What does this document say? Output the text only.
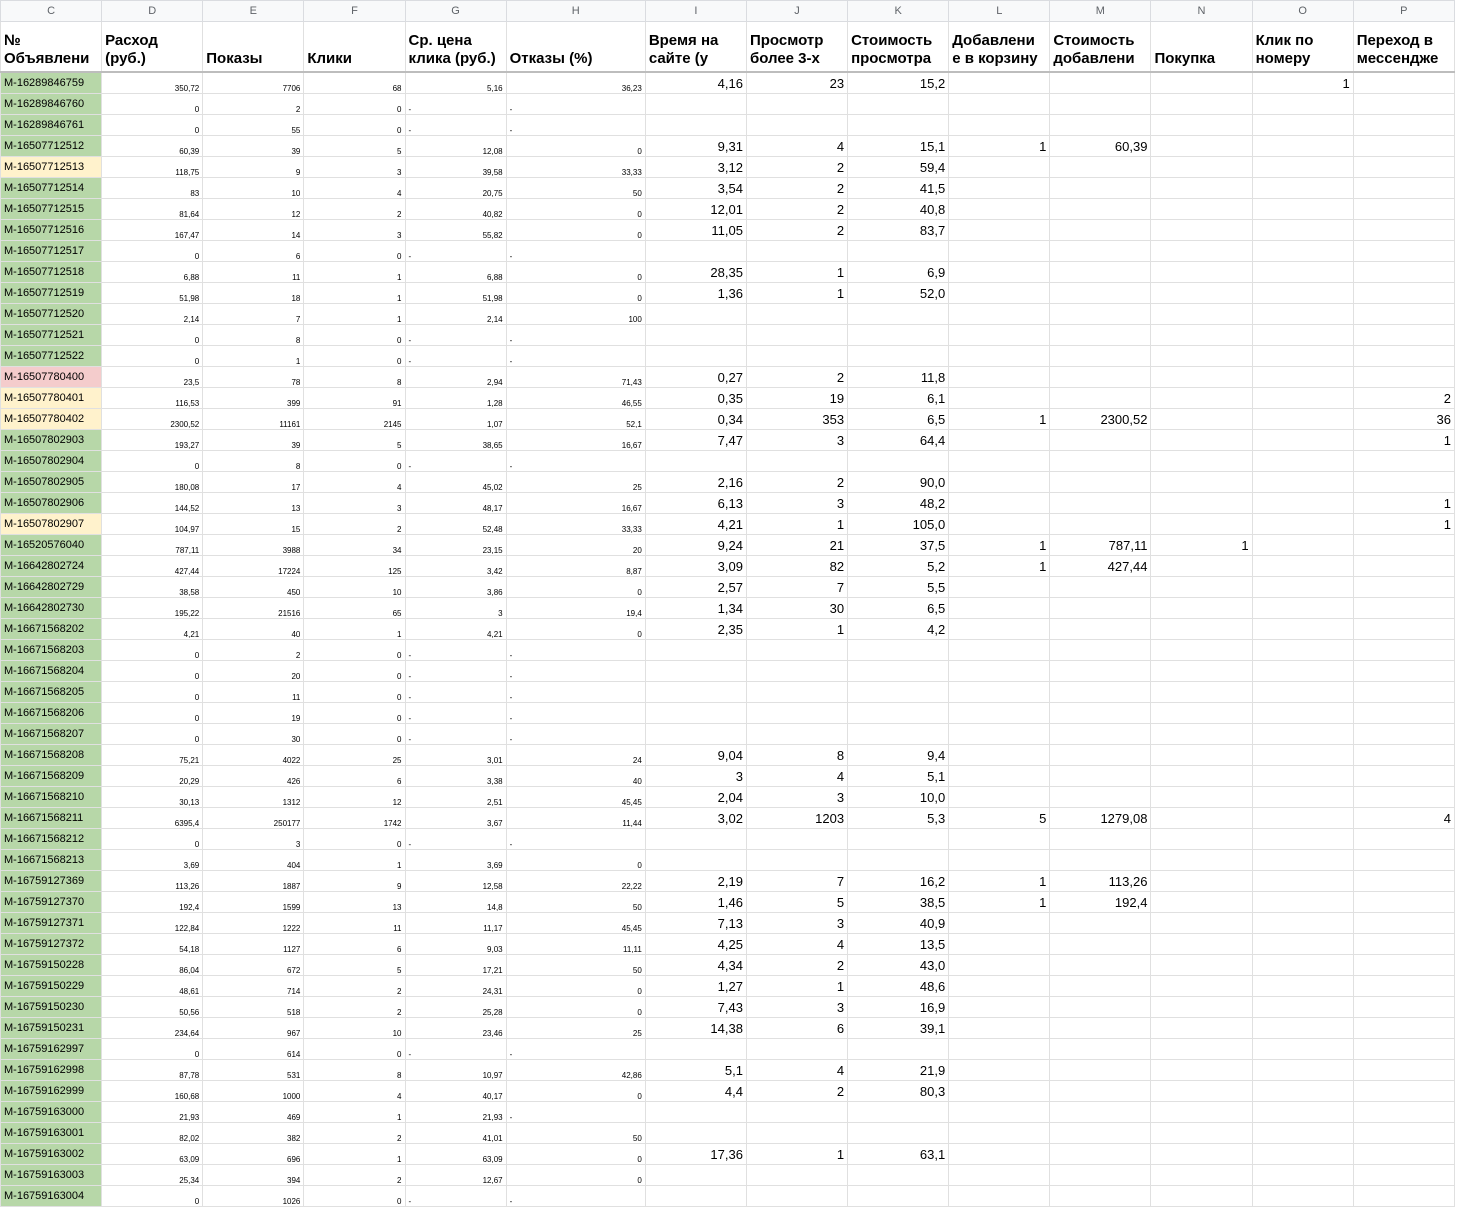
C	D	E	F	G	H	I	J	K	L	M	N	O	P
№ Объявлени	Расход (руб.)	Показы	Клики	Ср. цена клика (руб.)	Отказы (%)	Время на сайте (у	Просмотр более 3-х	Стоимость просмотра	Добавлени е в корзину	Стоимость добавлени	Покупка	Клик по номеру	Переход в мессендже
M-16289846759	350,72	7706	68	5,16	36,23	4,16	23	15,2				1	
M-16289846760	0	2	0	-	-								
M-16289846761	0	55	0	-	-								
M-16507712512	60,39	39	5	12,08	0	9,31	4	15,1	1	60,39			
M-16507712513	118,75	9	3	39,58	33,33	3,12	2	59,4					
M-16507712514	83	10	4	20,75	50	3,54	2	41,5					
M-16507712515	81,64	12	2	40,82	0	12,01	2	40,8					
M-16507712516	167,47	14	3	55,82	0	11,05	2	83,7					
M-16507712517	0	6	0	-	-								
M-16507712518	6,88	11	1	6,88	0	28,35	1	6,9					
M-16507712519	51,98	18	1	51,98	0	1,36	1	52,0					
M-16507712520	2,14	7	1	2,14	100								
M-16507712521	0	8	0	-	-								
M-16507712522	0	1	0	-	-								
M-16507780400	23,5	78	8	2,94	71,43	0,27	2	11,8					
M-16507780401	116,53	399	91	1,28	46,55	0,35	19	6,1					2
M-16507780402	2300,52	11161	2145	1,07	52,1	0,34	353	6,5	1	2300,52			36
M-16507802903	193,27	39	5	38,65	16,67	7,47	3	64,4					1
M-16507802904	0	8	0	-	-								
M-16507802905	180,08	17	4	45,02	25	2,16	2	90,0					
M-16507802906	144,52	13	3	48,17	16,67	6,13	3	48,2					1
M-16507802907	104,97	15	2	52,48	33,33	4,21	1	105,0					1
M-16520576040	787,11	3988	34	23,15	20	9,24	21	37,5	1	787,11	1		
M-16642802724	427,44	17224	125	3,42	8,87	3,09	82	5,2	1	427,44			
M-16642802729	38,58	450	10	3,86	0	2,57	7	5,5					
M-16642802730	195,22	21516	65	3	19,4	1,34	30	6,5					
M-16671568202	4,21	40	1	4,21	0	2,35	1	4,2					
M-16671568203	0	2	0	-	-								
M-16671568204	0	20	0	-	-								
M-16671568205	0	11	0	-	-								
M-16671568206	0	19	0	-	-								
M-16671568207	0	30	0	-	-								
M-16671568208	75,21	4022	25	3,01	24	9,04	8	9,4					
M-16671568209	20,29	426	6	3,38	40	3	4	5,1					
M-16671568210	30,13	1312	12	2,51	45,45	2,04	3	10,0					
M-16671568211	6395,4	250177	1742	3,67	11,44	3,02	1203	5,3	5	1279,08			4
M-16671568212	0	3	0	-	-								
M-16671568213	3,69	404	1	3,69	0								
M-16759127369	113,26	1887	9	12,58	22,22	2,19	7	16,2	1	113,26			
M-16759127370	192,4	1599	13	14,8	50	1,46	5	38,5	1	192,4			
M-16759127371	122,84	1222	11	11,17	45,45	7,13	3	40,9					
M-16759127372	54,18	1127	6	9,03	11,11	4,25	4	13,5					
M-16759150228	86,04	672	5	17,21	50	4,34	2	43,0					
M-16759150229	48,61	714	2	24,31	0	1,27	1	48,6					
M-16759150230	50,56	518	2	25,28	0	7,43	3	16,9					
M-16759150231	234,64	967	10	23,46	25	14,38	6	39,1					
M-16759162997	0	614	0	-	-								
M-16759162998	87,78	531	8	10,97	42,86	5,1	4	21,9					
M-16759162999	160,68	1000	4	40,17	0	4,4	2	80,3					
M-16759163000	21,93	469	1	21,93	-								
M-16759163001	82,02	382	2	41,01	50								
M-16759163002	63,09	696	1	63,09	0	17,36	1	63,1					
M-16759163003	25,34	394	2	12,67	0								
M-16759163004	0	1026	0	-	-								
